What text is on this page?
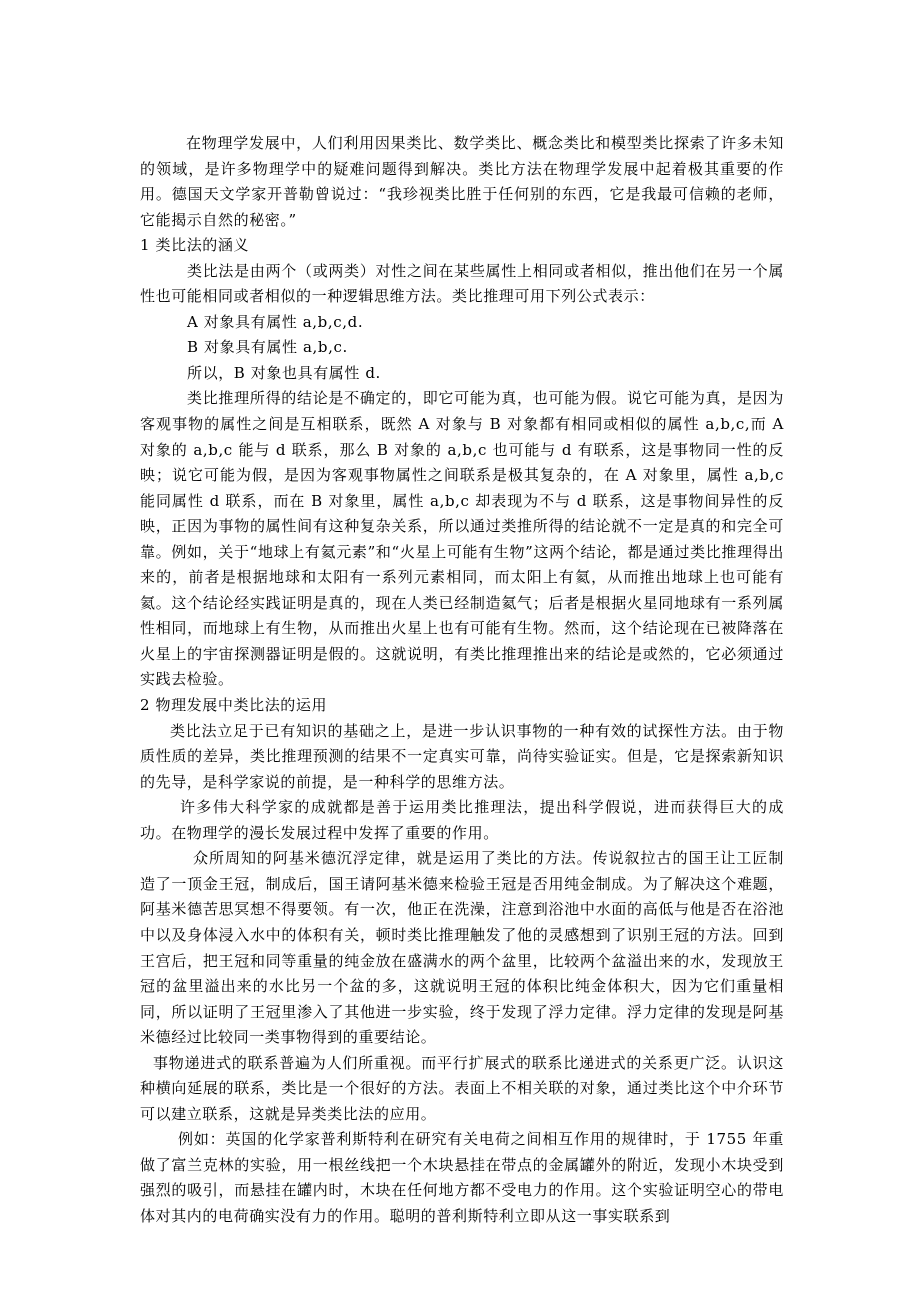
在物理学发展中，人们利用因果类比、数学类比、概念类比和模型类比探索了许多未知的领域，是许多物理学中的疑难问题得到解决。类比方法在物理学发展中起着极其重要的作用。德国天文学家开普勒曾说过：“我珍视类比胜于任何别的东西，它是我最可信赖的老师，它能揭示自然的秘密。”

1 类比法的涵义

类比法是由两个（或两类）对性之间在某些属性上相同或者相似，推出他们在另一个属性也可能相同或者相似的一种逻辑思维方法。类比推理可用下列公式表示：

A 对象具有属性 a,b,c,d.

B 对象具有属性 a,b,c.

所以，B 对象也具有属性 d.

类比推理所得的结论是不确定的，即它可能为真，也可能为假。说它可能为真，是因为客观事物的属性之间是互相联系，既然 A 对象与 B 对象都有相同或相似的属性 a,b,c,而 A 对象的 a,b,c 能与 d 联系，那么 B 对象的 a,b,c 也可能与 d 有联系，这是事物同一性的反映；说它可能为假，是因为客观事物属性之间联系是极其复杂的，在 A 对象里，属性 a,b,c 能同属性 d 联系，而在 B 对象里，属性 a,b,c 却表现为不与 d 联系，这是事物间异性的反映，正因为事物的属性间有这种复杂关系，所以通过类推所得的结论就不一定是真的和完全可靠。例如，关于“地球上有氦元素”和“火星上可能有生物”这两个结论，都是通过类比推理得出来的，前者是根据地球和太阳有一系列元素相同，而太阳上有氦，从而推出地球上也可能有氦。这个结论经实践证明是真的，现在人类已经制造氦气；后者是根据火星同地球有一系列属性相同，而地球上有生物，从而推出火星上也有可能有生物。然而，这个结论现在已被降落在火星上的宇宙探测器证明是假的。这就说明，有类比推理推出来的结论是或然的，它必须通过实践去检验。

2 物理发展中类比法的运用

类比法立足于已有知识的基础之上，是进一步认识事物的一种有效的试探性方法。由于物质性质的差异，类比推理预测的结果不一定真实可靠，尚待实验证实。但是，它是探索新知识的先导，是科学家说的前提，是一种科学的思维方法。

许多伟大科学家的成就都是善于运用类比推理法，提出科学假说，进而获得巨大的成功。在物理学的漫长发展过程中发挥了重要的作用。

众所周知的阿基米德沉浮定律，就是运用了类比的方法。传说叙拉古的国王让工匠制造了一顶金王冠，制成后，国王请阿基米德来检验王冠是否用纯金制成。为了解决这个难题，阿基米德苦思冥想不得要领。有一次，他正在洗澡，注意到浴池中水面的高低与他是否在浴池中以及身体浸入水中的体积有关，顿时类比推理触发了他的灵感想到了识别王冠的方法。回到王宫后，把王冠和同等重量的纯金放在盛满水的两个盆里，比较两个盆溢出来的水，发现放王冠的盆里溢出来的水比另一个盆的多，这就说明王冠的体积比纯金体积大，因为它们重量相同，所以证明了王冠里渗入了其他进一步实验，终于发现了浮力定律。浮力定律的发现是阿基米德经过比较同一类事物得到的重要结论。

事物递进式的联系普遍为人们所重视。而平行扩展式的联系比递进式的关系更广泛。认识这种横向延展的联系，类比是一个很好的方法。表面上不相关联的对象，通过类比这个中介环节可以建立联系，这就是异类类比法的应用。

例如：英国的化学家普利斯特利在研究有关电荷之间相互作用的规律时，于 1755 年重做了富兰克林的实验，用一根丝线把一个木块悬挂在带点的金属罐外的附近，发现小木块受到强烈的吸引，而悬挂在罐内时，木块在任何地方都不受电力的作用。这个实验证明空心的带电体对其内的电荷确实没有力的作用。聪明的普利斯特利立即从这一事实联系到
